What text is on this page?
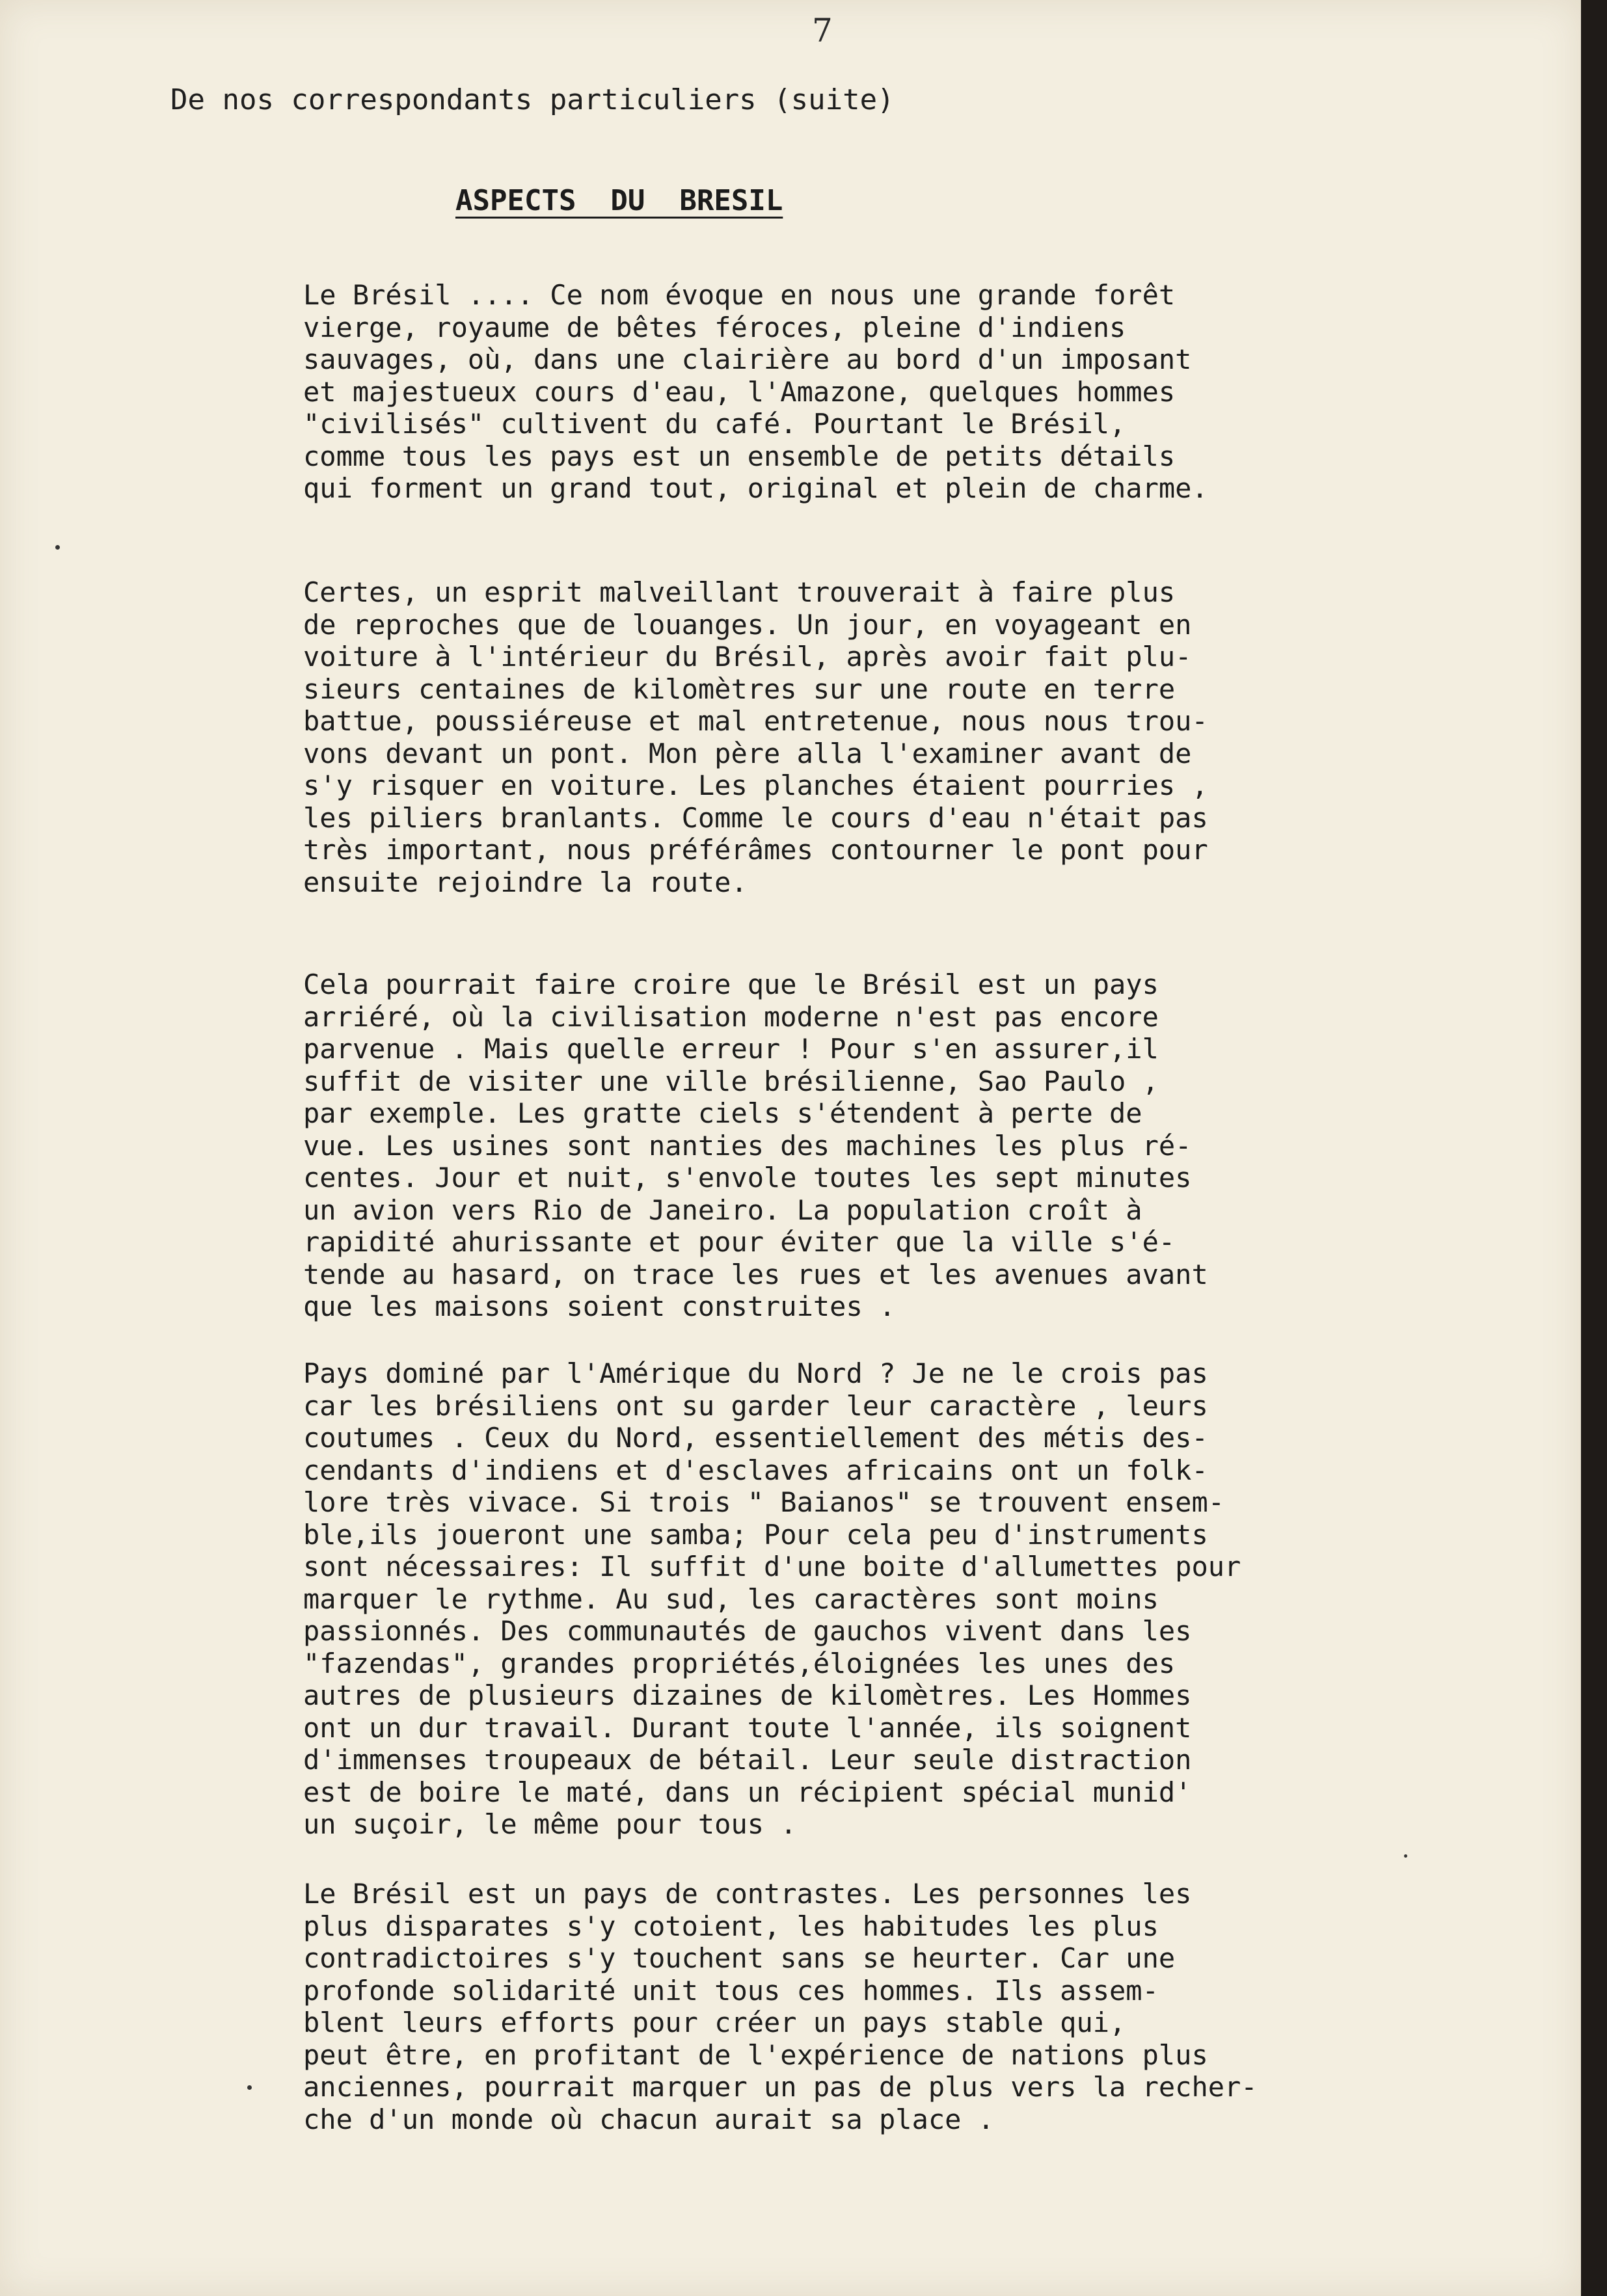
7
De nos correspondants particuliers (suite)
ASPECTS  DU  BRESIL
Le Brésil .... Ce nom évoque en nous une grande forêt
vierge, royaume de bêtes féroces, pleine d'indiens
sauvages, où, dans une clairière au bord d'un imposant
et majestueux cours d'eau, l'Amazone, quelques hommes
"civilisés" cultivent du café. Pourtant le Brésil,
comme tous les pays est un ensemble de petits détails
qui forment un grand tout, original et plein de charme.
Certes, un esprit malveillant trouverait à faire plus
de reproches que de louanges. Un jour, en voyageant en
voiture à l'intérieur du Brésil, après avoir fait plu-
sieurs centaines de kilomètres sur une route en terre
battue, poussiéreuse et mal entretenue, nous nous trou-
vons devant un pont. Mon père alla l'examiner avant de
s'y risquer en voiture. Les planches étaient pourries ,
les piliers branlants. Comme le cours d'eau n'était pas
très important, nous préférâmes contourner le pont pour
ensuite rejoindre la route.
Cela pourrait faire croire que le Brésil est un pays
arriéré, où la civilisation moderne n'est pas encore
parvenue . Mais quelle erreur ! Pour s'en assurer,il
suffit de visiter une ville brésilienne, Sao Paulo ,
par exemple. Les gratte ciels s'étendent à perte de
vue. Les usines sont nanties des machines les plus ré-
centes. Jour et nuit, s'envole toutes les sept minutes
un avion vers Rio de Janeiro. La population croît à
rapidité ahurissante et pour éviter que la ville s'é-
tende au hasard, on trace les rues et les avenues avant
que les maisons soient construites .
Pays dominé par l'Amérique du Nord ? Je ne le crois pas
car les brésiliens ont su garder leur caractère , leurs
coutumes . Ceux du Nord, essentiellement des métis des-
cendants d'indiens et d'esclaves africains ont un folk-
lore très vivace. Si trois " Baianos" se trouvent ensem-
ble,ils joueront une samba; Pour cela peu d'instruments
sont nécessaires: Il suffit d'une boite d'allumettes pour
marquer le rythme. Au sud, les caractères sont moins
passionnés. Des communautés de gauchos vivent dans les
"fazendas", grandes propriétés,éloignées les unes des
autres de plusieurs dizaines de kilomètres. Les Hommes
ont un dur travail. Durant toute l'année, ils soignent
d'immenses troupeaux de bétail. Leur seule distraction
est de boire le maté, dans un récipient spécial munid'
un suçoir, le même pour tous .
Le Brésil est un pays de contrastes. Les personnes les
plus disparates s'y cotoient, les habitudes les plus
contradictoires s'y touchent sans se heurter. Car une
profonde solidarité unit tous ces hommes. Ils assem-
blent leurs efforts pour créer un pays stable qui,
peut être, en profitant de l'expérience de nations plus
anciennes, pourrait marquer un pas de plus vers la recher-
che d'un monde où chacun aurait sa place .
